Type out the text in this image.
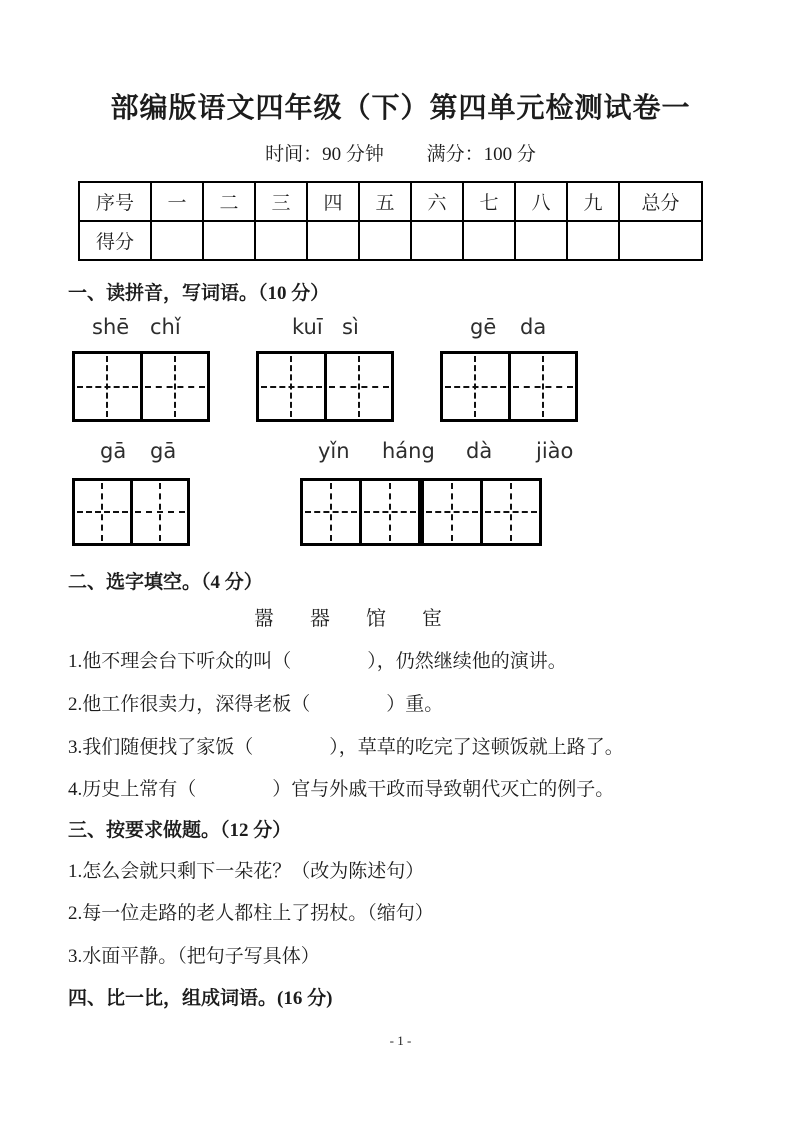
部编版语文四年级（下）第四单元检测试卷一
时间：90 分钟 满分：100 分
序号	一	二	三	四	五	六	七	八	九	总分
得分										
一、读拼音，写词语。（10 分）
shē chǐ	kuī sì	gē da
gā gā	yǐn háng dà jiào
二、选字填空。（4 分）
嚣 器 馆 宦
1.他不理会台下听众的叫（　　　　），仍然继续他的演讲。
2.他工作很卖力，深得老板（　　　　）重。
3.我们随便找了家饭（　　　　），草草的吃完了这顿饭就上路了。
4.历史上常有（　　　　）官与外戚干政而导致朝代灭亡的例子。
三、按要求做题。（12 分）
1.怎么会就只剩下一朵花？（改为陈述句）
2.每一位走路的老人都柱上了拐杖。（缩句）
3.水面平静。（把句子写具体）
四、比一比，组成词语。(16 分)
- 1 -
